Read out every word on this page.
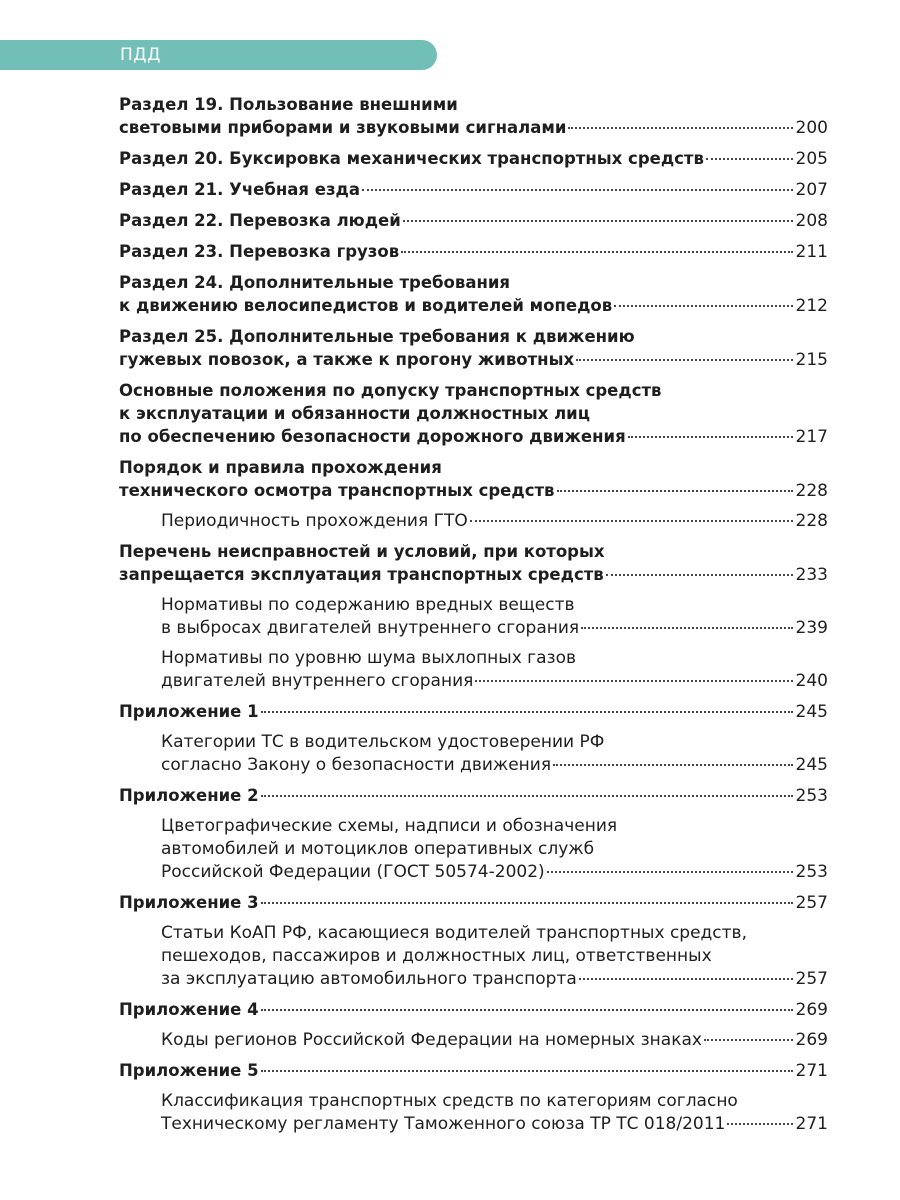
ПДД
Раздел 19. Пользование внешними
световыми приборами и звуковыми сигналами	200
Раздел 20. Буксировка механических транспортных средств	205
Раздел 21. Учебная езда	207
Раздел 22. Перевозка людей	208
Раздел 23. Перевозка грузов	211
Раздел 24. Дополнительные требования
к движению велосипедистов и водителей мопедов	212
Раздел 25. Дополнительные требования к движению
гужевых повозок, а также к прогону животных	215
Основные положения по допуску транспортных средств
к эксплуатации и обязанности должностных лиц
по обеспечению безопасности дорожного движения	217
Порядок и правила прохождения
технического осмотра транспортных средств	228
Периодичность прохождения ГТО	228
Перечень неисправностей и условий, при которых
запрещается эксплуатация транспортных средств	233
Нормативы по содержанию вредных веществ
в выбросах двигателей внутреннего сгорания	239
Нормативы по уровню шума выхлопных газов
двигателей внутреннего сгорания	240
Приложение 1	245
Категории ТС в водительском удостоверении РФ
согласно Закону о безопасности движения	245
Приложение 2	253
Цветографические схемы, надписи и обозначения
автомобилей и мотоциклов оперативных служб
Российской Федерации (ГОСТ 50574-2002)	253
Приложение 3	257
Статьи КоАП РФ, касающиеся водителей транспортных средств,
пешеходов, пассажиров и должностных лиц, ответственных
за эксплуатацию автомобильного транспорта	257
Приложение 4	269
Коды регионов Российской Федерации на номерных знаках	269
Приложение 5	271
Классификация транспортных средств по категориям согласно
Техническому регламенту Таможенного союза ТР ТС 018/2011	271
